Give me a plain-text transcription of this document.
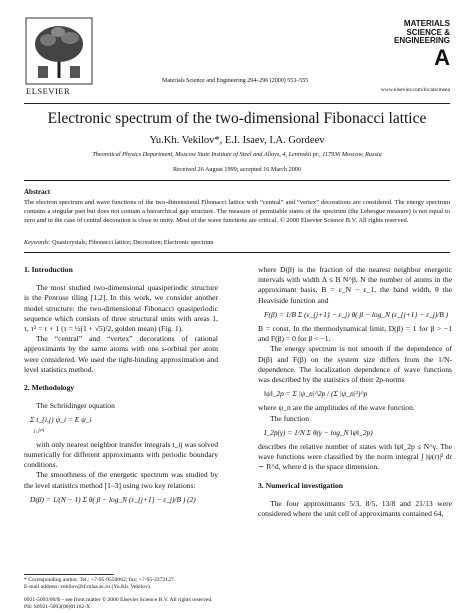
ELSEVIER
Materials Science and Engineering 294–296 (2000) 553–555
MATERIALS
SCIENCE &
ENGINEERING
A
www.elsevier.com/locate/msea
Electronic spectrum of the two-dimensional Fibonacci lattice
Yu.Kh. Vekilov*, E.I. Isaev, I.A. Gordeev
Theoretical Physics Department, Moscow State Institute of Steel and Alloys, 4, Leninskii pr., 117936 Moscow, Russia
Received 26 August 1999; accepted 16 March 2000
Abstract
The electron spectrum and wave functions of the two-dimensional Fibonacci lattice with “central” and “vertex” decorations are considered. The energy spectrum contains a singular part but does not contain a hierarchical gap structure. The measure of permitable states of the spectrum (the Lebesgue measure) is not equal to zero and in the case of central decoration is close to unity. Most of the wave functions are critical. © 2000 Elsevier Science B.V. All rights reserved.
Keywords: Quasicrystals; Fibonacci lattice; Decoration; Electronic spectrum
1. Introduction

The most studied two-dimensional quasiperiodic structure is the Penrose tiling [1,2]. In this work, we consider another model structure: the two-dimensional Fibonacci quasiperiodic sequence which consists of three structural units with areas 1, τ, τ² = τ + 1 (τ = ½(1 + √5)/2, golden mean) (Fig. 1).

The “central” and “vertex” decorations of rational approximants by the same atoms with one s-orbital per atom were considered. We used the tight-binding approximation and level statistics method.

2. Methodology

The Schrödinger equation

Σ t_{i,j} ψ_i = E ψ_i
j, j≠i

with only nearest neighbor transfer integrals t_ij was solved numerically for different approximants with periodic boundary conditions.

The smoothness of the energetic spectrum was studied by the level statistics method [1–3] using two key relations:

D(β) = 1/(N − 1) Σ θ( β − log_N (ε_{j+1} − ε_j)/B ) (2)

where D(β) is the fraction of the nearest neighbor energetic intervals with width Δ ≤ B N^β, N the number of atoms in the approximant basis, B = ε_N − ε_1, the band width, θ the Heaviside function and

F(β) = 1/B Σ (ε_{j+1} − ε_j) θ( β − log_N (ε_{j+1} − ε_j)/B )

B = const. In the thermodynamical limit, D(β) = 1 for β > −1 and F(β) = 0 for β < −1.

The energy spectrum is not smooth if the dependence of D(β) and F(β) on the system size differs from the 1/N-dependence. The localization dependence of wave functions was described by the statistics of their 2p-norms

‖ψ‖_2p = Σ |ψ_n|^2p / (Σ |ψ_n|²)^p

where ψ_n are the amplitudes of the wave function.

The function

I_2p(γ) = 1/N Σ θ(γ − log_N ‖ψ‖_2p)

describes the relative number of states with ‖ψ‖_2p ≤ N^γ. The wave functions were classified by the norm integral ∫ |ψ(r)|² dr ∼ R^d, where d is the space dimension.

3. Numerical investigation

The four approximants 5/3, 8/5, 13/8 and 21/13 were considered where the unit cell of approximants contained 64,

* Corresponding author. Tel.: +7-95-9550062; fax: +7-95-2372127.
E-mail address: vekilov@tf.misa.ac.ru (Yu.Kh. Vekilov).
0921-5093/00/$ – see front matter © 2000 Elsevier Science B.V. All rights reserved.
PII: S0921-5093(00)01162-X
